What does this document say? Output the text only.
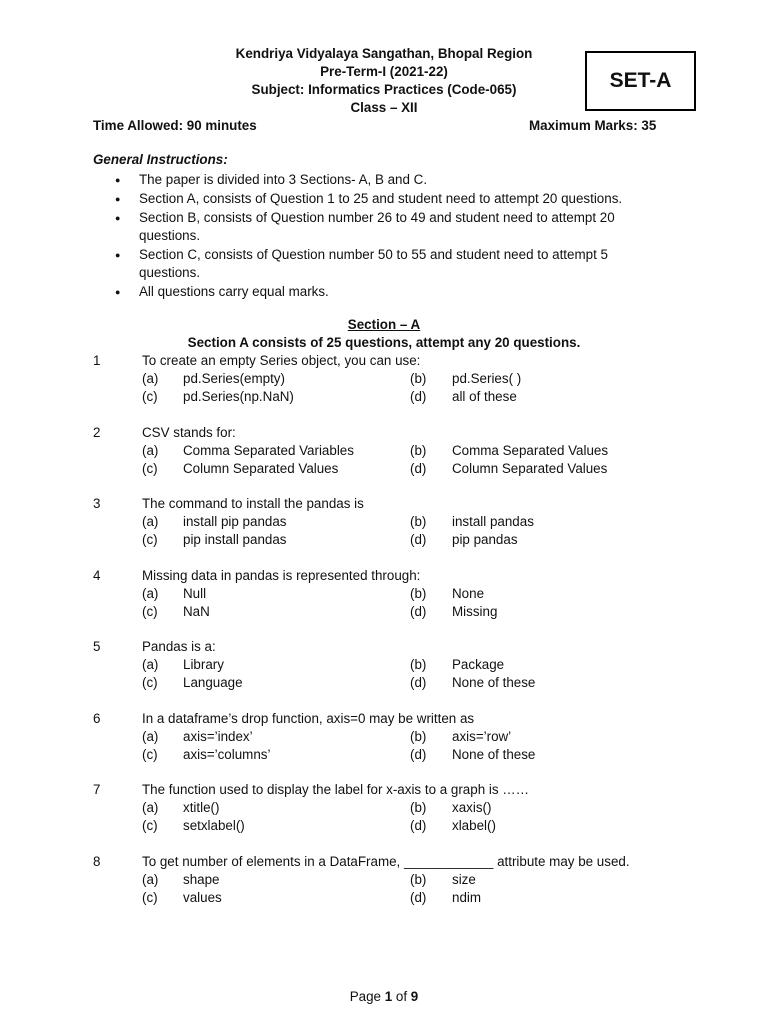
Kendriya Vidyalaya Sangathan, Bhopal Region
Pre-Term-I (2021-22)
Subject: Informatics Practices (Code-065)
Class – XII
SET-A
Time Allowed: 90 minutes	Maximum Marks: 35
General Instructions:
● The paper is divided into 3 Sections- A, B and C.
● Section A, consists of Question 1 to 25 and student need to attempt 20 questions.
● Section B, consists of Question number 26 to 49 and student need to attempt 20 questions.
● Section C, consists of Question number 50 to 55 and student need to attempt 5 questions.
● All questions carry equal marks.
Section – A
Section A consists of 25 questions, attempt any 20 questions.
1	To create an empty Series object, you can use:
(a) pd.Series(empty)	(b) pd.Series( )
(c) pd.Series(np.NaN)	(d) all of these
2	CSV stands for:
(a) Comma Separated Variables	(b) Comma Separated Values
(c) Column Separated Values	(d) Column Separated Values
3	The command to install the pandas is
(a) install pip pandas	(b) install pandas
(c) pip install pandas	(d) pip pandas
4	Missing data in pandas is represented through:
(a) Null	(b) None
(c) NaN	(d) Missing
5	Pandas is a:
(a) Library	(b) Package
(c) Language	(d) None of these
6	In a dataframe’s drop function, axis=0 may be written as
(a) axis=’index’	(b) axis=’row’
(c) axis=’columns’	(d) None of these
7	The function used to display the label for x-axis to a graph is ……
(a) xtitle()	(b) xaxis()
(c) setxlabel()	(d) xlabel()
8	To get number of elements in a DataFrame, ____________ attribute may be used.
(a) shape	(b) size
(c) values	(d) ndim
Page 1 of 9
